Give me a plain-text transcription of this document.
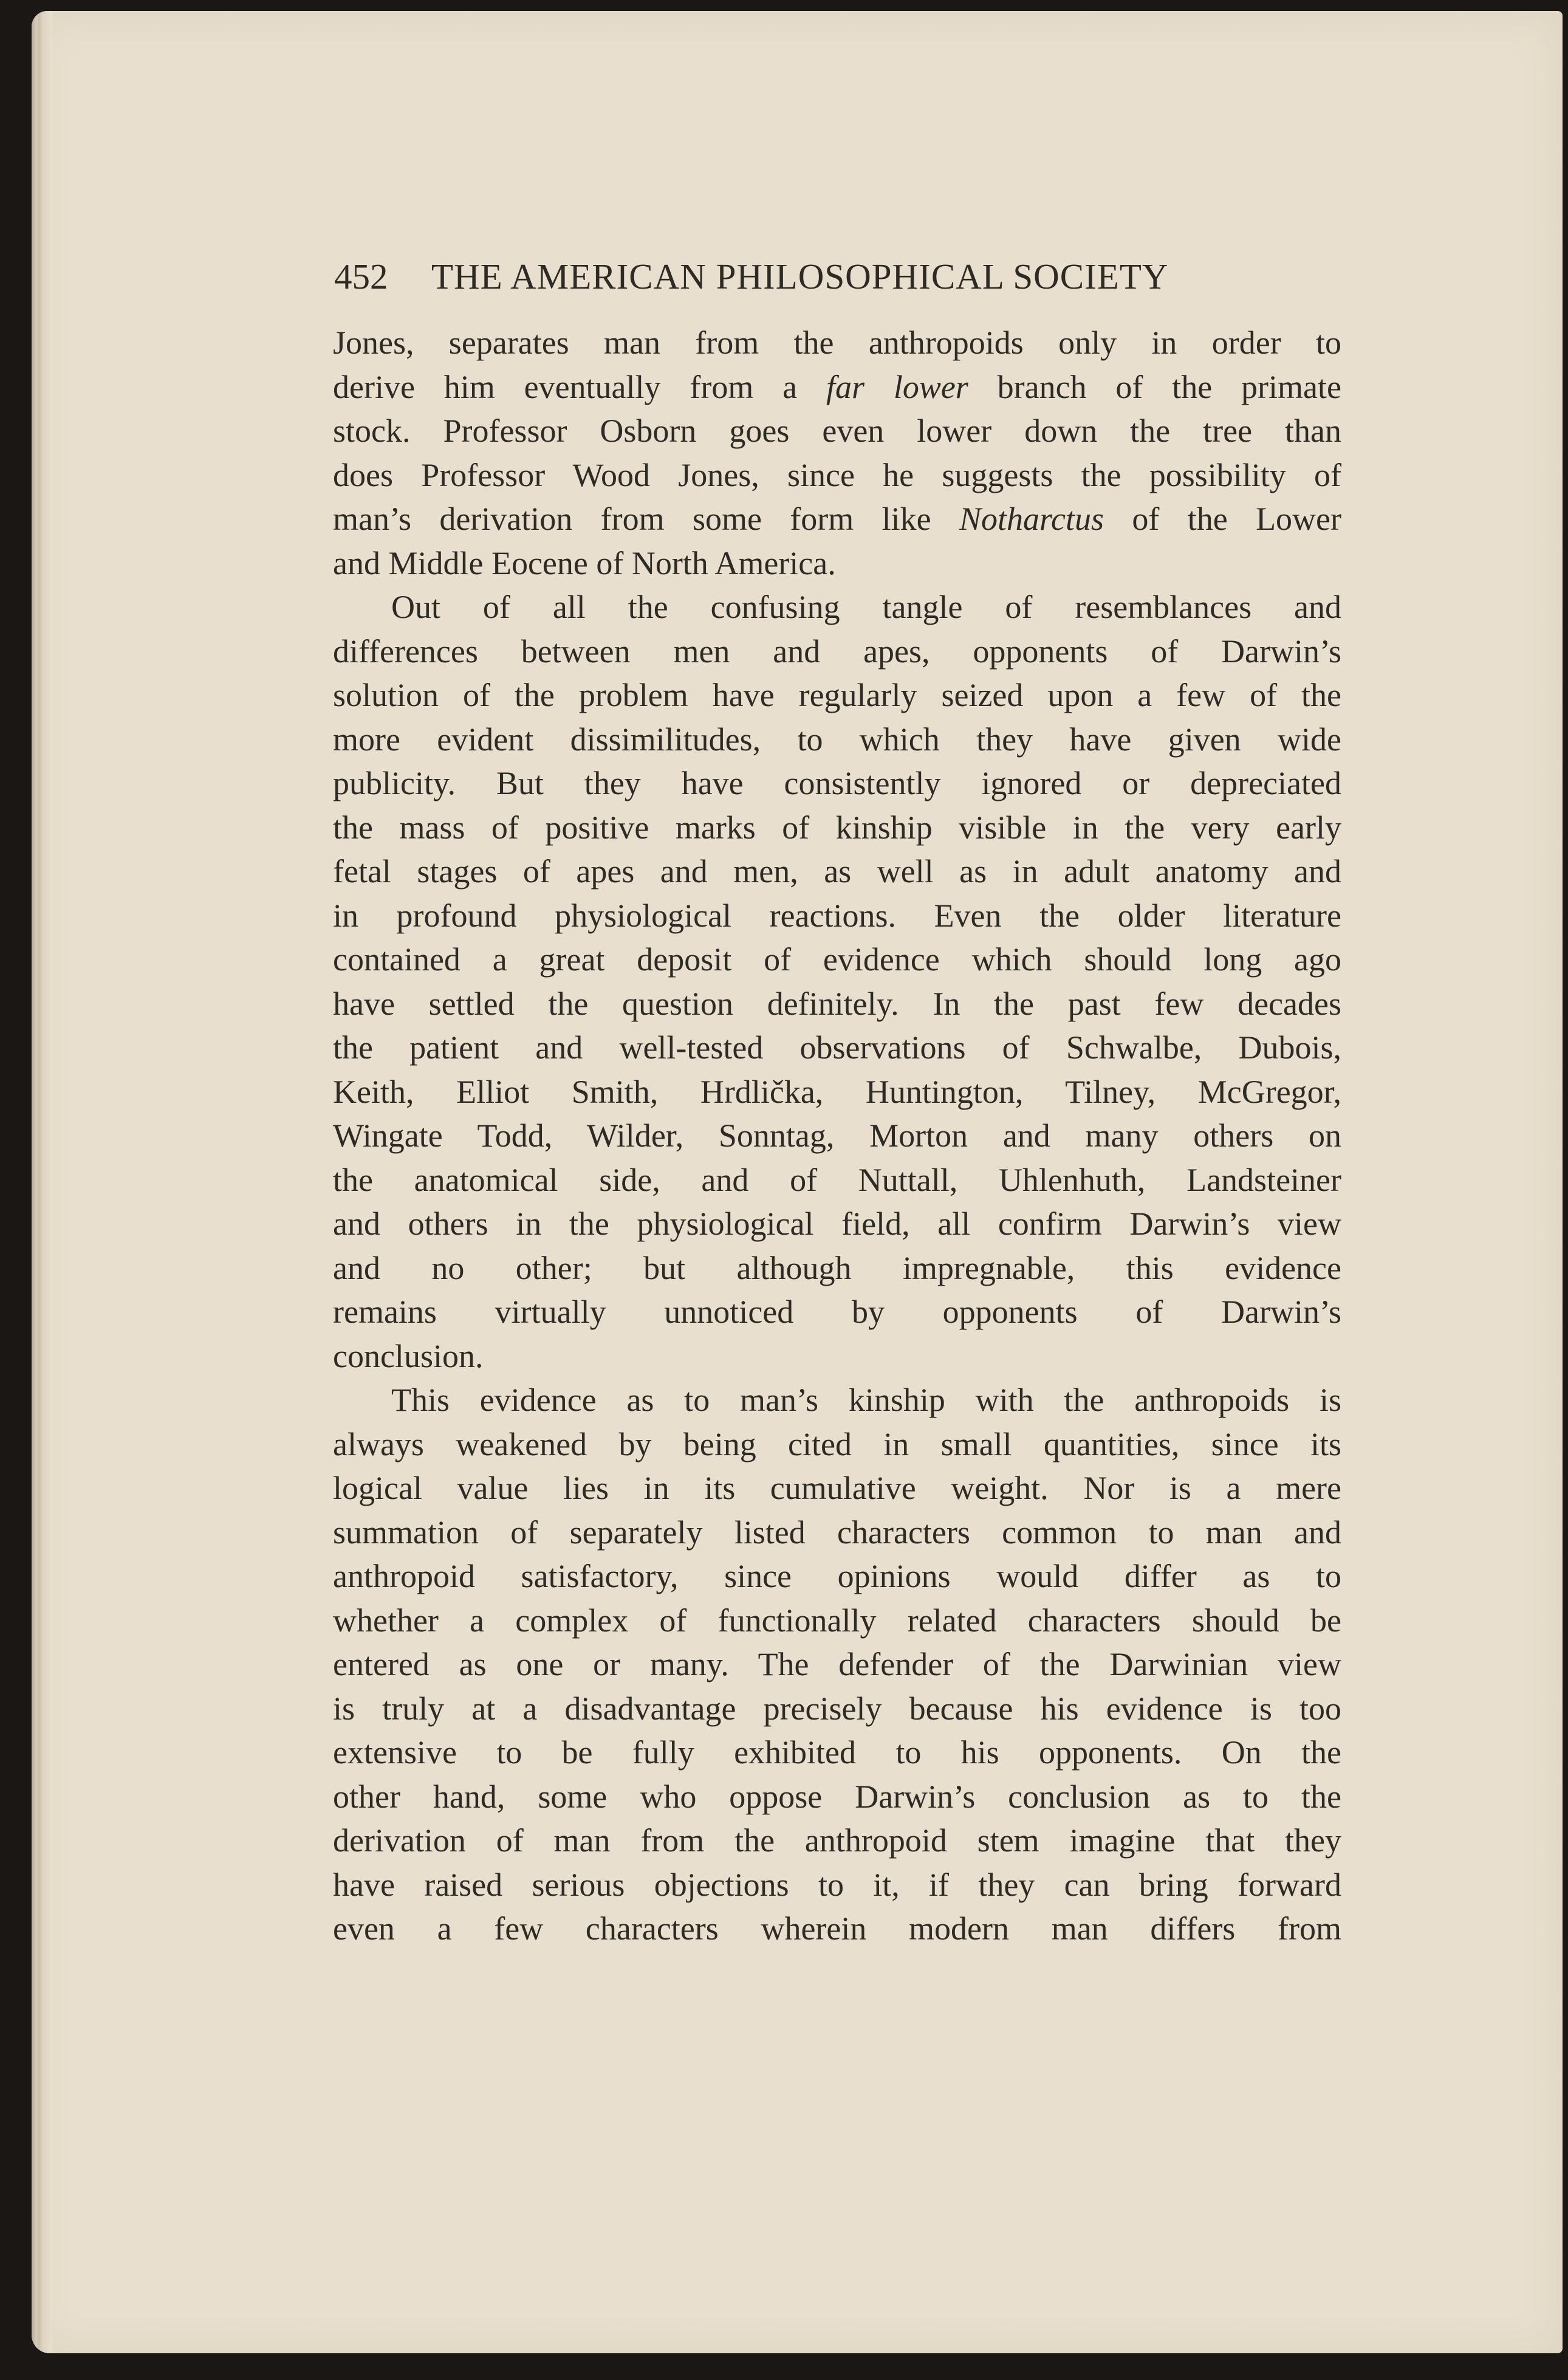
452 THE AMERICAN PHILOSOPHICAL SOCIETY
Jones, separates man from the anthropoids only in order to
derive him eventually from a far lower branch of the primate
stock. Professor Osborn goes even lower down the tree than
does Professor Wood Jones, since he suggests the possibility of
man’s derivation from some form like Notharctus of the Lower
and Middle Eocene of North America.
Out of all the confusing tangle of resemblances and
differences between men and apes, opponents of Darwin’s
solution of the problem have regularly seized upon a few of the
more evident dissimilitudes, to which they have given wide
publicity. But they have consistently ignored or depreciated
the mass of positive marks of kinship visible in the very early
fetal stages of apes and men, as well as in adult anatomy and
in profound physiological reactions. Even the older literature
contained a great deposit of evidence which should long ago
have settled the question definitely. In the past few decades
the patient and well-tested observations of Schwalbe, Dubois,
Keith, Elliot Smith, Hrdlička, Huntington, Tilney, McGregor,
Wingate Todd, Wilder, Sonntag, Morton and many others on
the anatomical side, and of Nuttall, Uhlenhuth, Landsteiner
and others in the physiological field, all confirm Darwin’s view
and no other; but although impregnable, this evidence
remains virtually unnoticed by opponents of Darwin’s
conclusion.
This evidence as to man’s kinship with the anthropoids is
always weakened by being cited in small quantities, since its
logical value lies in its cumulative weight. Nor is a mere
summation of separately listed characters common to man and
anthropoid satisfactory, since opinions would differ as to
whether a complex of functionally related characters should be
entered as one or many. The defender of the Darwinian view
is truly at a disadvantage precisely because his evidence is too
extensive to be fully exhibited to his opponents. On the
other hand, some who oppose Darwin’s conclusion as to the
derivation of man from the anthropoid stem imagine that they
have raised serious objections to it, if they can bring forward
even a few characters wherein modern man differs from
